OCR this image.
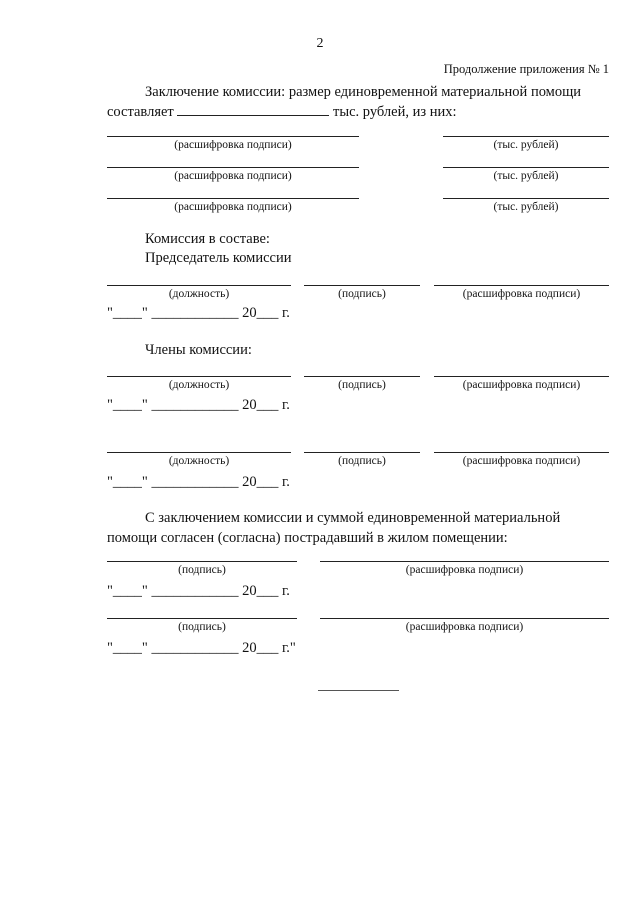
2
Продолжение приложения № 1
Заключение комиссии: размер единовременной материальной помощи
составляет	тыс. рублей, из них:
(расшифровка подписи)	(тыс. рублей)
(расшифровка подписи)	(тыс. рублей)
(расшифровка подписи)	(тыс. рублей)
Комиссия в составе:
Председатель комиссии
(должность)	(подпись)	(расшифровка подписи)
"____" ____________ 20___ г.
Члены комиссии:
(должность)	(подпись)	(расшифровка подписи)
"____" ____________ 20___ г.
(должность)	(подпись)	(расшифровка подписи)
"____" ____________ 20___ г.
С заключением комиссии и суммой единовременной материальной
помощи согласен (согласна) пострадавший в жилом помещении:
(подпись)	(расшифровка подписи)
"____" ____________ 20___ г.
(подпись)	(расшифровка подписи)
"____" ____________ 20___ г."
